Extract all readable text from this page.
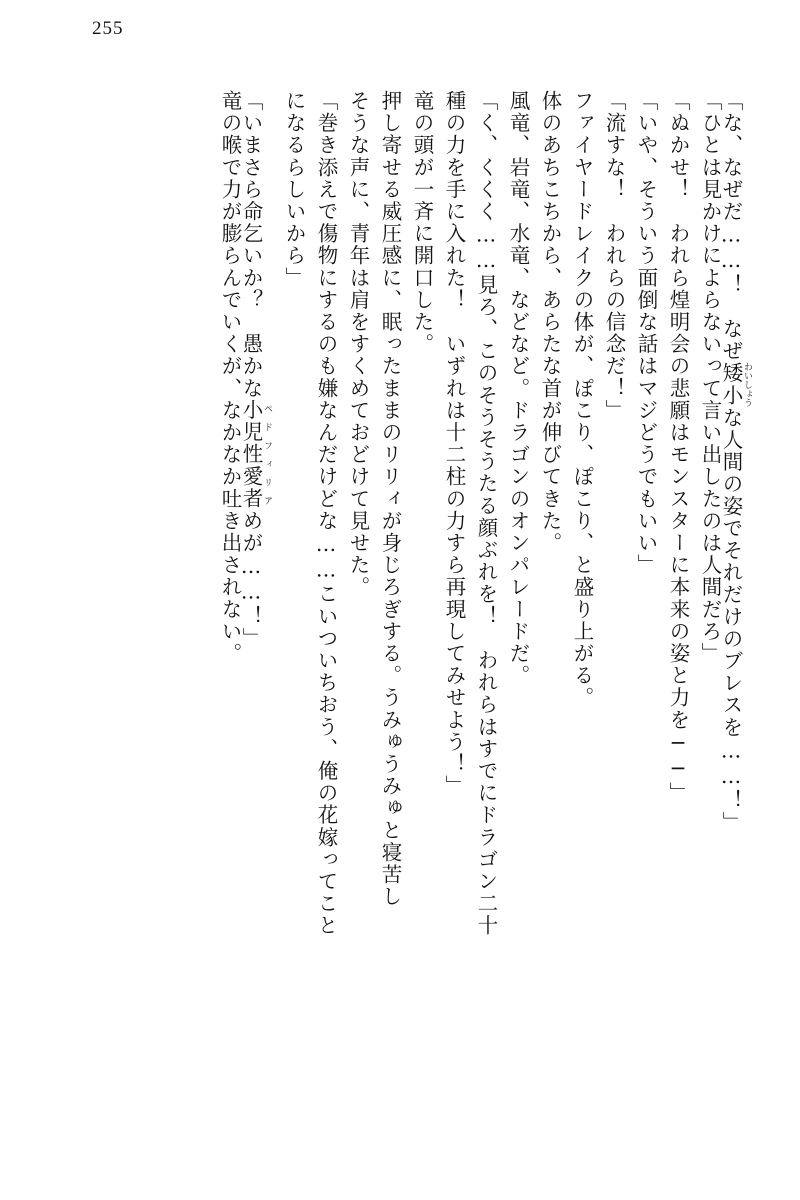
255
「な、なぜだ……！　なぜ矮小 わいしょうな人間の姿でそれだけのブレスを……！」
「ひとは見かけによらないって言い出したのは人間だろ」
「ぬかせ！　われら煌明会の悲願はモンスターに本来の姿と力を──」
「いや、そういう面倒な話はマジどうでもいい」
「流すな！　われらの信念だ！」
ファイヤードレイクの体が、ぽこり、ぽこり、と盛り上がる。
体のあちこちから、あらたな首が伸びてきた。
風竜、岩竜、水竜、などなど。ドラゴンのオンパレードだ。
「く、くくく……見ろ、このそうそうたる顔ぶれを！　われらはすでにドラゴン二十
種の力を手に入れた！　いずれは十二柱の力すら再現してみせよう！」
竜の頭が一斉に開口した。
押し寄せる威圧感に、眠ったままのリリィが身じろぎする。うみゅうみゅと寝苦し
そうな声に、青年は肩をすくめておどけて見せた。
「巻き添えで傷物にするのも嫌なんだけどな……こいついちおう、俺の花嫁ってこと
になるらしいから」
「いまさら命乞いか？　愚かな小児性愛者 ペドフィリアめが……！」
竜の喉で力が膨らんでいくが、なかなか吐き出されない。
